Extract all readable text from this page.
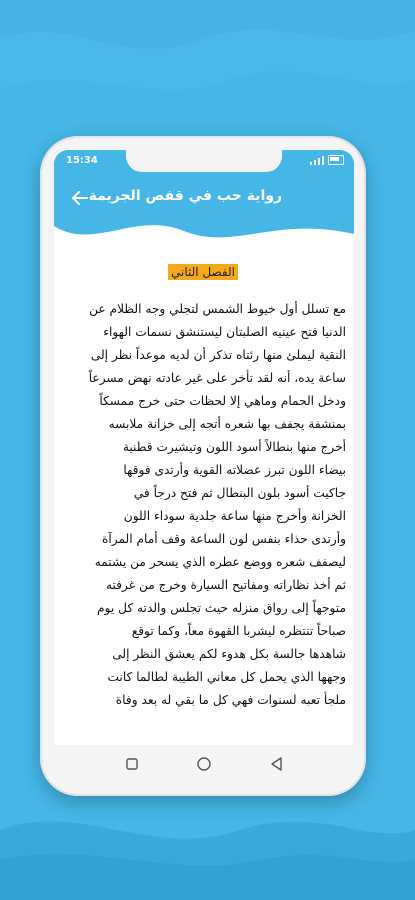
15:34
رواية حب في قفص الجريمة
الفصل الثاني
مع تسلل أول خيوط الشمس لتجلي وجه الظلام عن
الدنيا فتح عينيه الصلبتان ليستنشق نسمات الهواء
النقية ليملئ منها رئتاه تذكر أن لديه موعداً نظر إلى
ساعة يده، أنه لقد تأخر على غير عادته نهض مسرعاً
ودخل الحمام وماهي إلا لحظات حتى خرج ممسكاً
بمنشفة يجفف بها شعره أتجه إلى خزانة ملابسه
أخرج منها بنطالاً أسود اللون وتيشيرت قطنية
بيضاء اللون تبرز عضلاته القوية وأرتدى فوقها
جاكيت أسود بلون البنطال ثم فتح درجاً في
الخزانة وأخرج منها ساعة جلدية سوداء اللون
وأرتدى حذاء بنفس لون الساعة وقف أمام المرآة
ليصفف شعره ووضع عطره الذي يسحر من يشتمه
ثم أخذ نظاراته ومفاتيح السيارة وخرج من غرفته
متوجهاً إلى رواق منزله حيث تجلس والدته كل يوم
صباحاً تنتظره ليشربا القهوة معاً، وكما توقع
شاهدها جالسة بكل هدوء لكم يعشق النظر إلى
وجهها الذي يحمل كل معاني الطيبة لطالما كانت
ملجأ تعبه لسنوات فهي كل ما بقي له بعد وفاة
